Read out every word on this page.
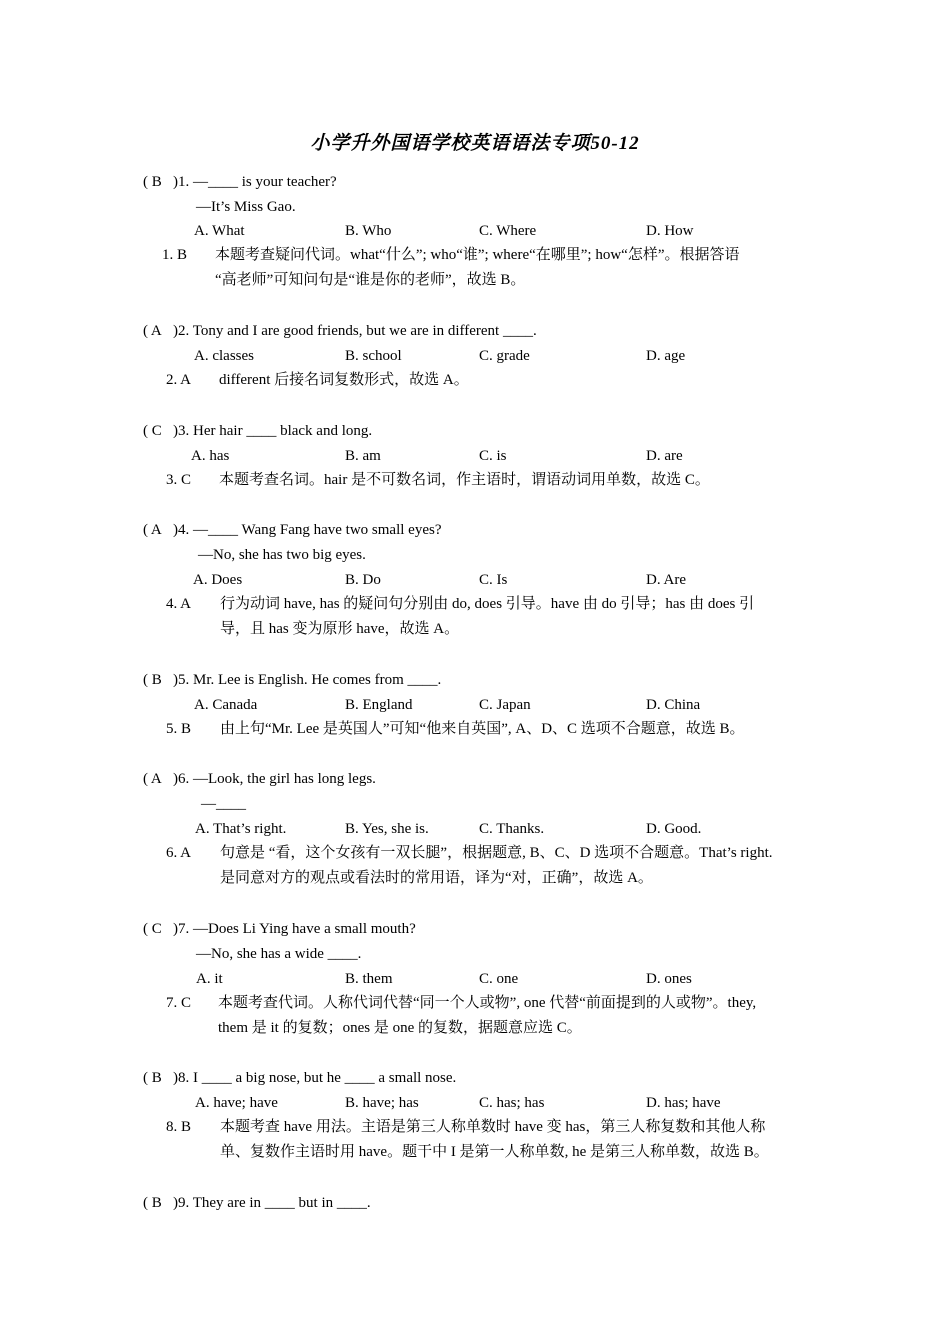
小学升外国语学校英语语法专项50-12
( B )1. —____ is your teacher?
—It’s Miss Gao.
A. What	B. Who	C. Where	D. How
1. B 本题考查疑问代词。what“什么”; who“谁”; where“在哪里”; how“怎样”。根据答语
“高老师”可知问句是“谁是你的老师”，故选 B。
( A )2. Tony and I are good friends, but we are in different ____.
A. classes	B. school	C. grade	D. age
2. A different 后接名词复数形式，故选 A。
( C )3. Her hair ____ black and long.
A. has	B. am	C. is	D. are
3. C 本题考查名词。hair 是不可数名词，作主语时，谓语动词用单数，故选 C。
( A )4. —____ Wang Fang have two small eyes?
—No, she has two big eyes.
A. Does	B. Do	C. Is	D. Are
4. A 行为动词 have, has 的疑问句分别由 do, does 引导。have 由 do 引导；has 由 does 引
导，且 has 变为原形 have，故选 A。
( B )5. Mr. Lee is English. He comes from ____.
A. Canada	B. England	C. Japan	D. China
5. B 由上句“Mr. Lee 是英国人”可知“他来自英国”, A、D、C 选项不合题意，故选 B。
( A )6. —Look, the girl has long legs.
—____
A. That’s right.	B. Yes, she is.	C. Thanks.	D. Good.
6. A 句意是 “看，这个女孩有一双长腿”，根据题意, B、C、D 选项不合题意。That’s right.
是同意对方的观点或看法时的常用语，译为“对，正确”，故选 A。
( C )7. —Does Li Ying have a small mouth?
—No, she has a wide ____.
A. it	B. them	C. one	D. ones
7. C 本题考查代词。人称代词代替“同一个人或物”, one 代替“前面提到的人或物”。they,
them 是 it 的复数；ones 是 one 的复数，据题意应选 C。
( B )8. I ____ a big nose, but he ____ a small nose.
A. have; have	B. have; has	C. has; has	D. has; have
8. B 本题考查 have 用法。主语是第三人称单数时 have 变 has，第三人称复数和其他人称
单、复数作主语时用 have。题干中 I 是第一人称单数, he 是第三人称单数，故选 B。
( B )9. They are in ____ but in ____.
